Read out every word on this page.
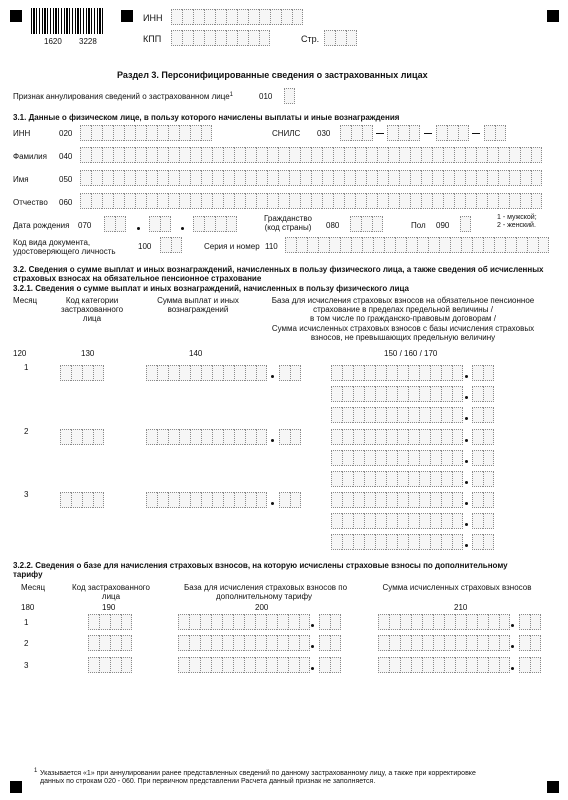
1620 3228
ИНН
КПП	Стр.
Раздел 3. Персонифицированные сведения о застрахованных лицах
Признак аннулирования сведений о застрахованном лице$^1$	010
3.1. Данные о физическом лице, в пользу которого начислены выплаты и иные вознаграждения
ИНН	020	СНИЛС 030
Фамилия 040
Имя	050
Отчество 060
Дата рождения 070
Гражданство
(код страны) 080	Пол 090
1 - мужской;
2 - женский.
Код вида документа,
удостоверяющего личность
100	Серия и номер 110
3.2. Сведения о сумме выплат и иных вознаграждений, начисленных в пользу физического лица, а также сведения об исчисленных страховых взносах на обязательное пенсионное страхование
3.2.1. Сведения о сумме выплат и иных вознаграждений, начисленных в пользу физического лица
Месяц	Код категории
застрахованного
лица
Сумма выплат и иных
вознаграждений
База для исчисления страховых взносов на обязательное пенсионное
страхование в пределах предельной величины /
в том числе по гражданско-правовым договорам /
Сумма исчисленных страховых взносов с базы исчисления страховых
взносов, не превышающих предельную величину
120	130	140	150 / 160 / 170
1
2
3
3.2.2. Сведения о базе для начисления страховых взносов, на которую исчислены страховые взносы по дополнительному
тарифу
Месяц	Код застрахованного
лица
База для исчисления страховых взносов по
дополнительному тарифу
Сумма исчисленных страховых взносов
180	190	200	210
1
2
3
1 Указывается «1» при аннулировании ранее представленных сведений по данному застрахованному лицу, а также при корректировке
данных по строкам 020 - 060. При первичном представлении Расчета данный признак не заполняется.
